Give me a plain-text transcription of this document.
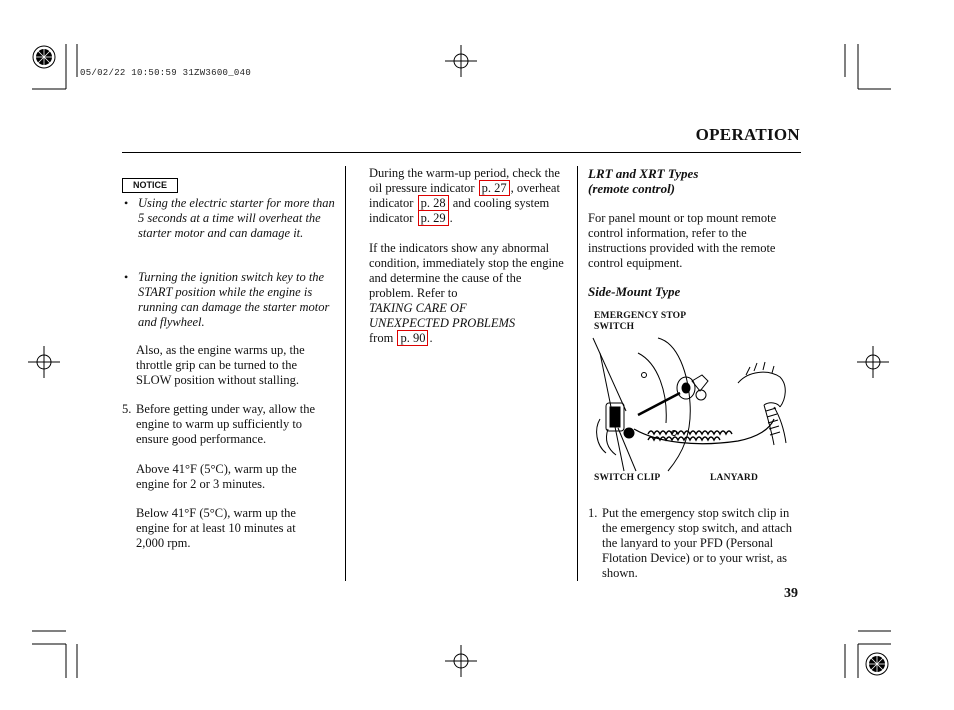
05/02/22 10:50:59 31ZW3600_040
OPERATION
NOTICE
• Using the electric starter for more than 5 seconds at a time will overheat the starter motor and can damage it.
• Turning the ignition switch key to the START position while the engine is running can damage the starter motor and flywheel.

Also, as the engine warms up, the throttle grip can be turned to the SLOW position without stalling.

5. Before getting under way, allow the engine to warm up sufficiently to ensure good performance.

Above 41°F (5°C), warm up the engine for 2 or 3 minutes.

Below 41°F (5°C), warm up the engine for at least 10 minutes at 2,000 rpm.

During the warm-up period, check the oil pressure indicator p. 27 , overheat indicator p. 28 and cooling system indicator p. 29 .

If the indicators show any abnormal condition, immediately stop the engine and determine the cause of the problem. Refer to
TAKING CARE OF UNEXPECTED PROBLEMS
from p. 90 .

LRT and XRT Types
(remote control)

For panel mount or top mount remote control information, refer to the instructions provided with the remote control equipment.

Side-Mount Type
EMERGENCY STOP
SWITCH
SWITCH CLIP	LANYARD
1. Put the emergency stop switch clip in the emergency stop switch, and attach the lanyard to your PFD (Personal Flotation Device) or to your wrist, as shown.

39
